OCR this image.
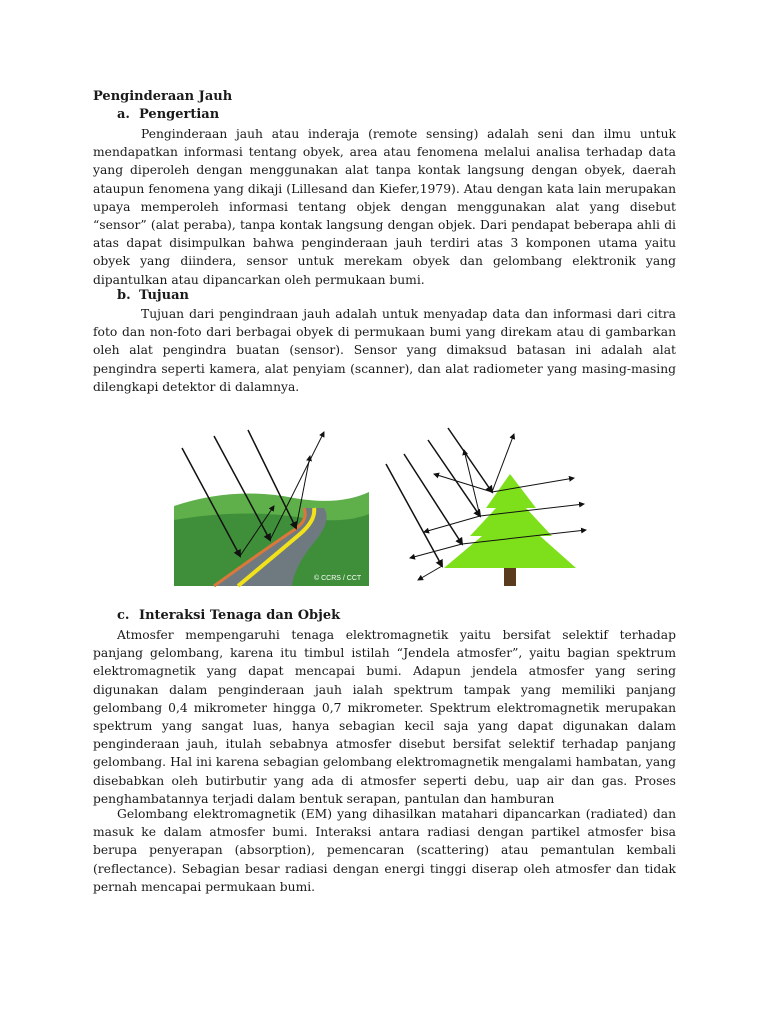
Penginderaan Jauh
a. Pengertian

Penginderaan jauh atau inderaja (remote sensing) adalah seni dan ilmu untuk mendapatkan informasi tentang obyek, area atau fenomena melalui analisa terhadap data yang diperoleh dengan menggunakan alat tanpa kontak langsung dengan obyek, daerah ataupun fenomena yang dikaji (Lillesand dan Kiefer,1979). Atau dengan kata lain merupakan upaya memperoleh informasi tentang objek dengan menggunakan alat yang disebut “sensor” (alat peraba), tanpa kontak langsung dengan objek. Dari pendapat beberapa ahli di atas dapat disimpulkan bahwa penginderaan jauh terdiri atas 3 komponen utama yaitu obyek yang diindera, sensor untuk merekam obyek dan gelombang elektronik yang dipantulkan atau dipancarkan oleh permukaan bumi.

b. Tujuan

Tujuan dari pengindraan jauh adalah untuk menyadap data dan informasi dari citra foto dan non-foto dari berbagai obyek di permukaan bumi yang direkam atau di gambarkan oleh alat pengindra buatan (sensor). Sensor yang dimaksud batasan ini adalah alat pengindra seperti kamera, alat penyiam (scanner), dan alat radiometer yang masing-masing dilengkapi detektor di dalamnya.

© CCRS / CCT
c. Interaksi Tenaga dan Objek

Atmosfer mempengaruhi tenaga elektromagnetik yaitu bersifat selektif terhadap panjang gelombang, karena itu timbul istilah “Jendela atmosfer”, yaitu bagian spektrum elektromagnetik yang dapat mencapai bumi. Adapun jendela atmosfer yang sering digunakan dalam penginderaan jauh ialah spektrum tampak yang memiliki panjang gelombang 0,4 mikrometer hingga 0,7 mikrometer. Spektrum elektromagnetik merupakan spektrum yang sangat luas, hanya sebagian kecil saja yang dapat digunakan dalam penginderaan jauh, itulah sebabnya atmosfer disebut bersifat selektif terhadap panjang gelombang. Hal ini karena sebagian gelombang elektromagnetik mengalami hambatan, yang disebabkan oleh butirbutir yang ada di atmosfer seperti debu, uap air dan gas. Proses penghambatannya terjadi dalam bentuk serapan, pantulan dan hamburan

Gelombang elektromagnetik (EM) yang dihasilkan matahari dipancarkan (radiated) dan masuk ke dalam atmosfer bumi. Interaksi antara radiasi dengan partikel atmosfer bisa berupa penyerapan (absorption), pemencaran (scattering) atau pemantulan kembali (reflectance). Sebagian besar radiasi dengan energi tinggi diserap oleh atmosfer dan tidak pernah mencapai permukaan bumi.
